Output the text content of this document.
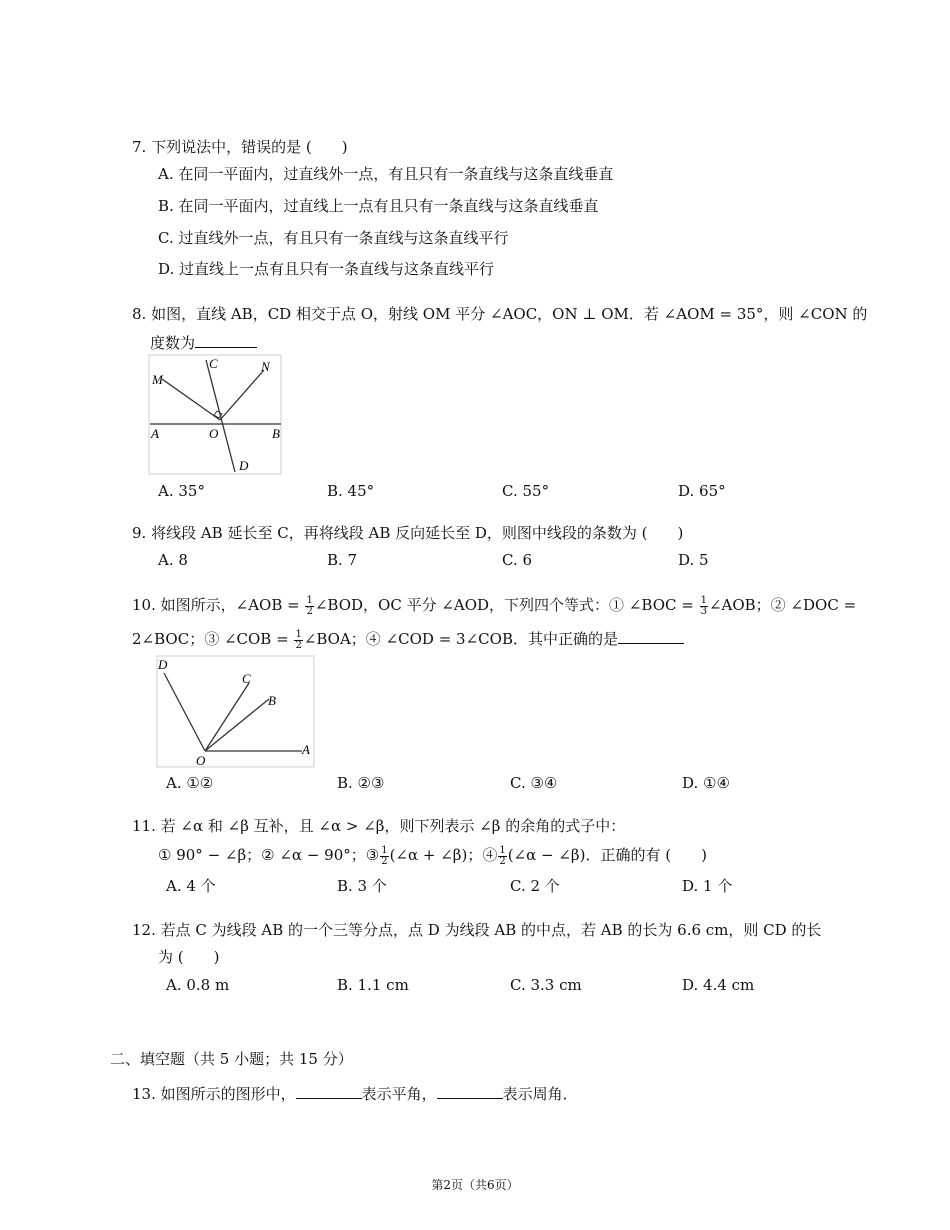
7. 下列说法中，错误的是 (　　)
A. 在同一平面内，过直线外一点，有且只有一条直线与这条直线垂直
B. 在同一平面内，过直线上一点有且只有一条直线与这条直线垂直
C. 过直线外一点，有且只有一条直线与这条直线平行
D. 过直线上一点有且只有一条直线与这条直线平行
8. 如图，直线 AB，CD 相交于点 O，射线 OM 平分 ∠AOC，ON ⊥ OM．若 ∠AOM = 35°，则 ∠CON 的
度数为
M
C	N
A	O	B
D
A. 35°	B. 45°	C. 55°	D. 65°
9. 将线段 AB 延长至 C，再将线段 AB 反向延长至 D，则图中线段的条数为 (　　)
A. 8	B. 7	C. 6	D. 5
10. 如图所示，∠AOB = $\frac{1}{2}$ ∠BOD，OC 平分 ∠AOD，下列四个等式：① ∠BOC = $\frac{1}{3}$ ∠AOB；② ∠DOC =
2∠BOC；③ ∠COB = $\frac{1}{2}$ ∠BOA；④ ∠COD = 3∠COB．其中正确的是
D
C
B
O
A
A. ①②	B. ②③	C. ③④	D. ①④
11. 若 ∠α 和 ∠β 互补，且 ∠α > ∠β，则下列表示 ∠β 的余角的式子中：
① 90° − ∠β；② ∠α − 90°；③ $\frac{1}{2}$ (∠α + ∠β)；④ $\frac{1}{2}$ (∠α − ∠β)．正确的有 (　　)
A. 4 个	B. 3 个	C. 2 个	D. 1 个
12. 若点 C 为线段 AB 的一个三等分点，点 D 为线段 AB 的中点，若 AB 的长为 6.6 cm，则 CD 的长
为 (　　)
A. 0.8 m	B. 1.1 cm	C. 3.3 cm	D. 4.4 cm
二、填空题（共 5 小题；共 15 分）
13. 如图所示的图形中，	表示平角，	表示周角．
第2页（共6页）
